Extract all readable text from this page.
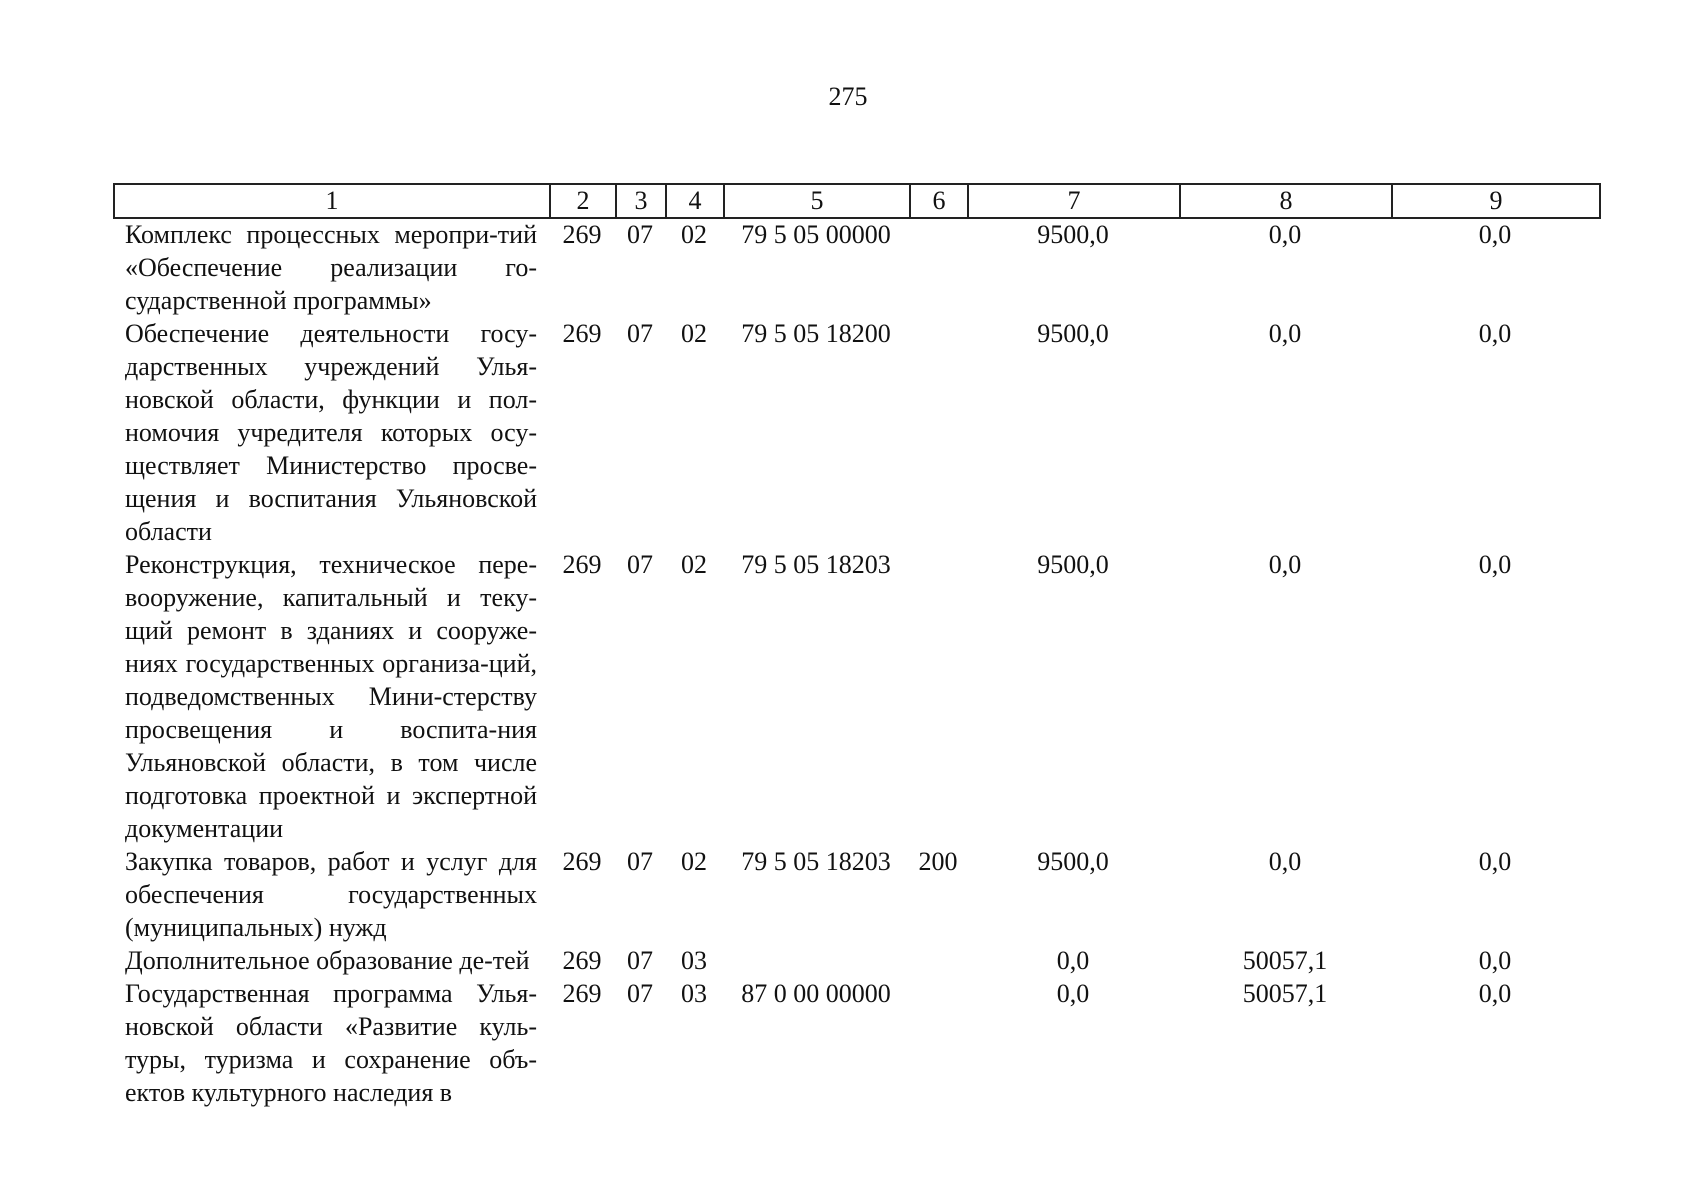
275
1	2	3	4	5	6	7	8	9
Комплекс процессных меропри-тий «Обеспечение реализации го-сударственной программы»	269	07	02	79 5 05 00000		9500,0	0,0	0,0
Обеспечение деятельности госу-дарственных учреждений Улья-новской области, функции и пол-номочия учредителя которых осу-ществляет Министерство просве-щения и воспитания Ульяновской области	269	07	02	79 5 05 18200		9500,0	0,0	0,0
Реконструкция, техническое пере-вооружение, капитальный и теку-щий ремонт в зданиях и сооруже-ниях государственных организа-ций, подведомственных Мини-стерству просвещения и воспита-ния Ульяновской области, в том числе подготовка проектной и экспертной документации	269	07	02	79 5 05 18203		9500,0	0,0	0,0
Закупка товаров, работ и услуг для обеспечения государственных (муниципальных) нужд	269	07	02	79 5 05 18203	200	9500,0	0,0	0,0
Дополнительное образование де-тей	269	07	03			0,0	50057,1	0,0
Государственная программа Улья-новской области «Развитие куль-туры, туризма и сохранение объ-ектов культурного наследия в	269	07	03	87 0 00 00000		0,0	50057,1	0,0
